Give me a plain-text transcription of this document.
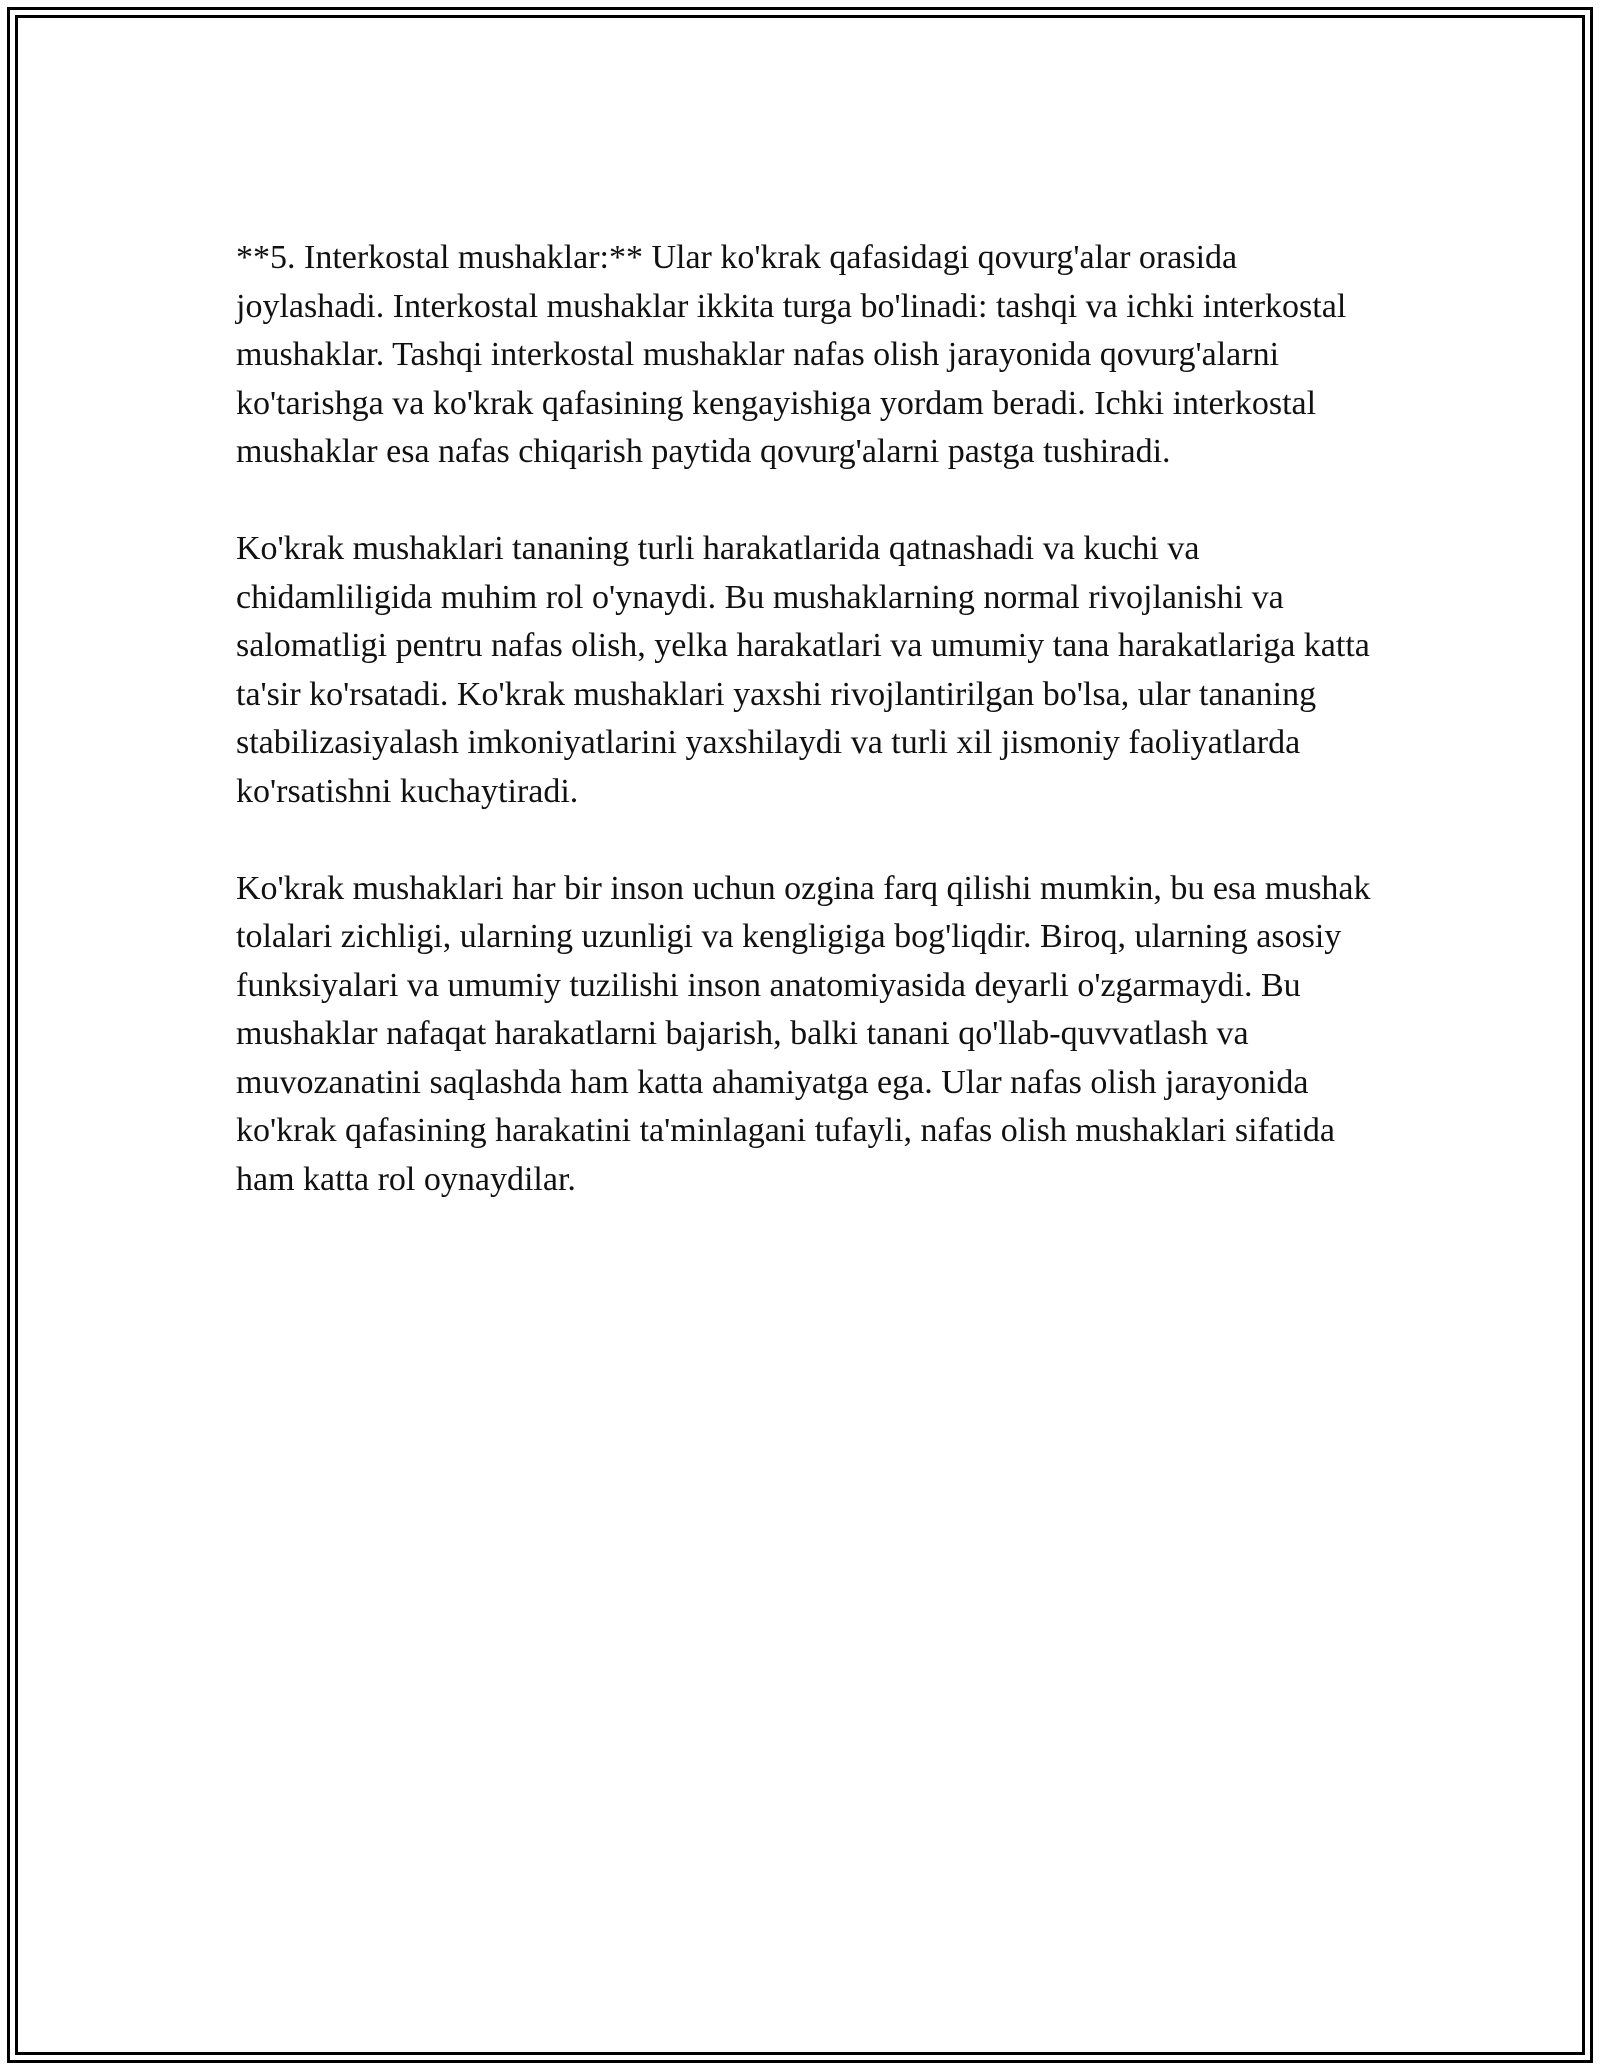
**5. Interkostal mushaklar:** Ular ko'krak qafasidagi qovurg'alar orasida joylashadi. Interkostal mushaklar ikkita turga bo'linadi: tashqi va ichki interkostal mushaklar. Tashqi interkostal mushaklar nafas olish jarayonida qovurg'alarni ko'tarishga va ko'krak qafasining kengayishiga yordam beradi. Ichki interkostal mushaklar esa nafas chiqarish paytida qovurg'alarni pastga tushiradi.

Ko'krak mushaklari tananing turli harakatlarida qatnashadi va kuchi va chidamliligida muhim rol o'ynaydi. Bu mushaklarning normal rivojlanishi va salomatligi pentru nafas olish, yelka harakatlari va umumiy tana harakatlariga katta ta'sir ko'rsatadi. Ko'krak mushaklari yaxshi rivojlantirilgan bo'lsa, ular tananing stabilizasiyalash imkoniyatlarini yaxshilaydi va turli xil jismoniy faoliyatlarda ko'rsatishni kuchaytiradi.

Ko'krak mushaklari har bir inson uchun ozgina farq qilishi mumkin, bu esa mushak tolalari zichligi, ularning uzunligi va kengligiga bog'liqdir. Biroq, ularning asosiy funksiyalari va umumiy tuzilishi inson anatomiyasida deyarli o'zgarmaydi. Bu mushaklar nafaqat harakatlarni bajarish, balki tanani qo'llab-quvvatlash va muvozanatini saqlashda ham katta ahamiyatga ega. Ular nafas olish jarayonida ko'krak qafasining harakatini ta'minlagani tufayli, nafas olish mushaklari sifatida ham katta rol oynaydilar.
